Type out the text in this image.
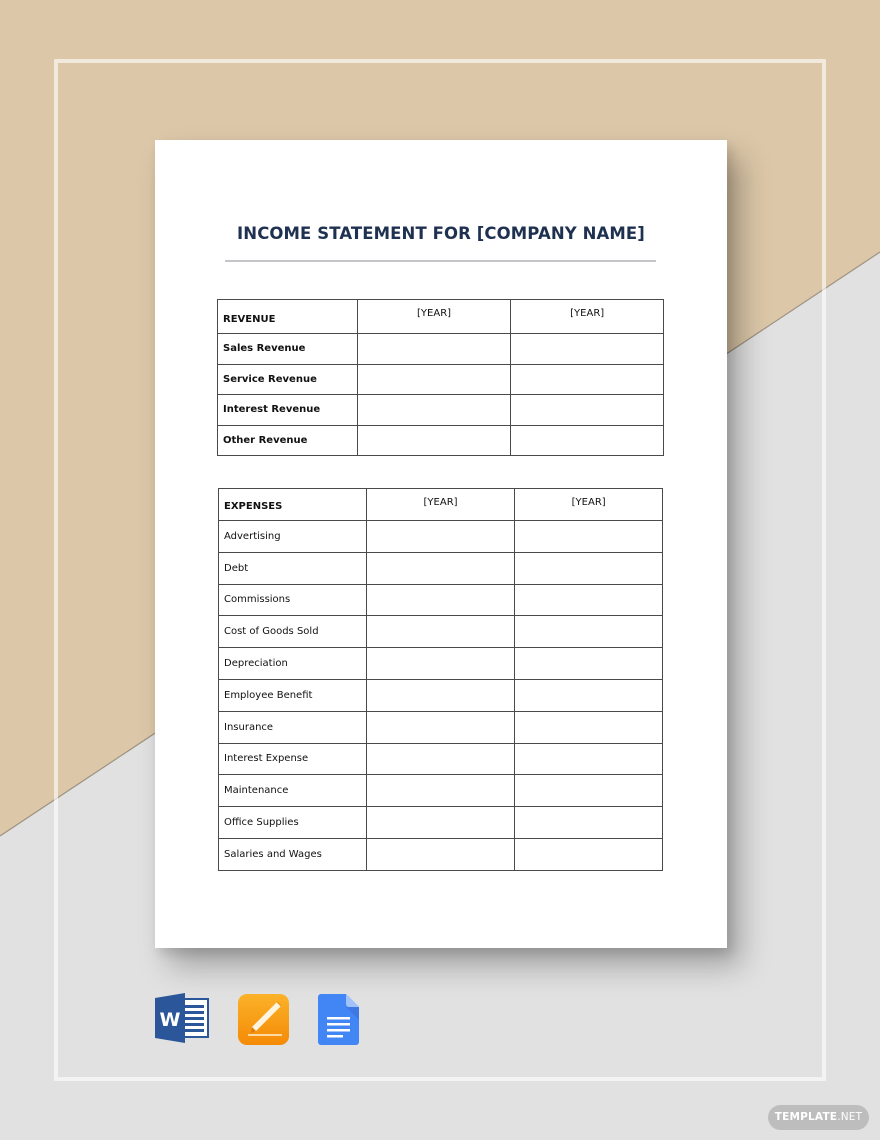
INCOME STATEMENT FOR [COMPANY NAME]
REVENUE	[YEAR]	[YEAR]
Sales Revenue		
Service Revenue		
Interest Revenue		
Other Revenue		
EXPENSES	[YEAR]	[YEAR]
Advertising		
Debt		
Commissions		
Cost of Goods Sold		
Depreciation		
Employee Benefit		
Insurance		
Interest Expense		
Maintenance		
Office Supplies		
Salaries and Wages		
W
TEMPLATE.NET
